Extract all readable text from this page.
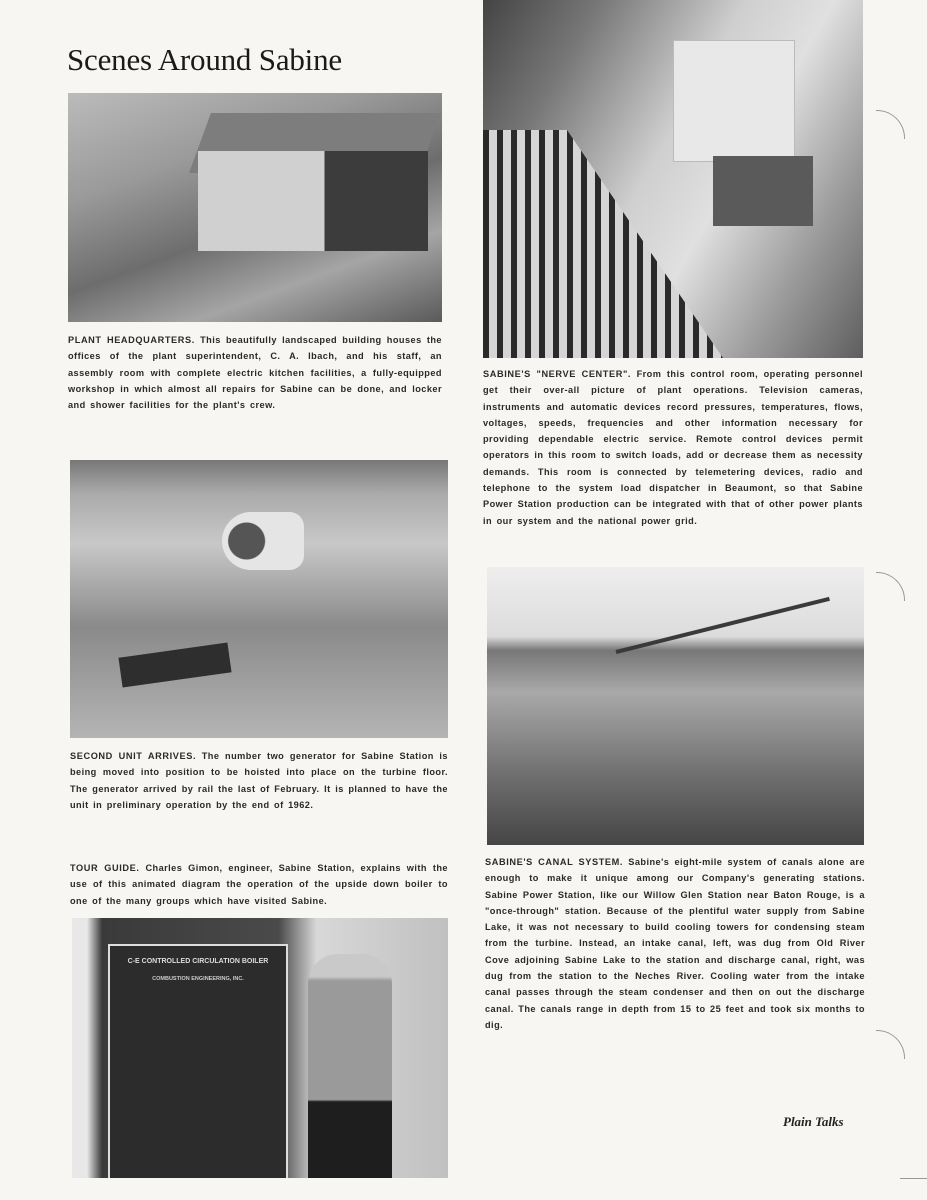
Scenes Around Sabine
PLANT HEADQUARTERS. This beautifully landscaped building houses the offices of the plant superintendent, C. A. Ibach, and his staff, an assembly room with complete electric kitchen facilities, a fully-equipped workshop in which almost all repairs for Sabine can be done, and locker and shower facilities for the plant's crew.
SABINE'S "NERVE CENTER". From this control room, operating personnel get their over-all picture of plant operations. Television cameras, instruments and automatic devices record pressures, temperatures, flows, voltages, speeds, frequencies and other information necessary for providing dependable electric service. Remote control devices permit operators in this room to switch loads, add or decrease them as necessity demands. This room is connected by telemetering devices, radio and telephone to the system load dispatcher in Beaumont, so that Sabine Power Station production can be integrated with that of other power plants in our system and the national power grid.
SECOND UNIT ARRIVES. The number two generator for Sabine Station is being moved into position to be hoisted into place on the turbine floor. The generator arrived by rail the last of February. It is planned to have the unit in preliminary operation by the end of 1962.
TOUR GUIDE. Charles Gimon, engineer, Sabine Station, explains with the use of this animated diagram the operation of the upside down boiler to one of the many groups which have visited Sabine.
C-E CONTROLLED CIRCULATION BOILER
COMBUSTION ENGINEERING, INC.
SABINE'S CANAL SYSTEM. Sabine's eight-mile system of canals alone are enough to make it unique among our Company's generating stations. Sabine Power Station, like our Willow Glen Station near Baton Rouge, is a "once-through" station. Because of the plentiful water supply from Sabine Lake, it was not necessary to build cooling towers for condensing steam from the turbine. Instead, an intake canal, left, was dug from Old River Cove adjoining Sabine Lake to the station and discharge canal, right, was dug from the station to the Neches River. Cooling water from the intake canal passes through the steam condenser and then on out the discharge canal. The canals range in depth from 15 to 25 feet and took six months to dig.
Plain Talks
